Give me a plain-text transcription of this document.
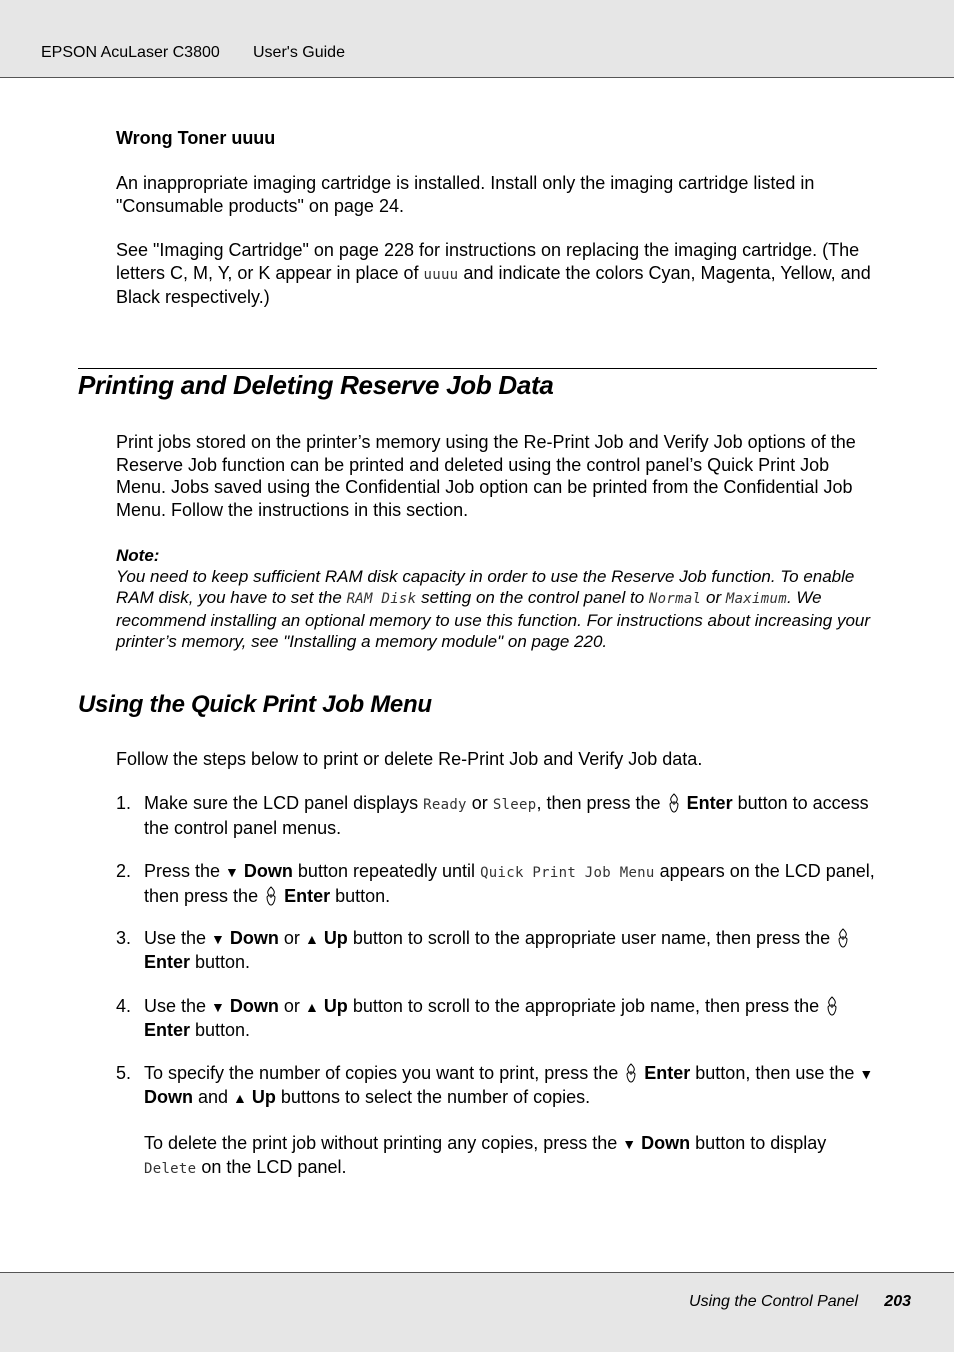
EPSON AcuLaser C3800 User's Guide

Wrong Toner uuuu

An inappropriate imaging cartridge is installed. Install only the imaging cartridge listed in "Consumable products" on page 24.

See "Imaging Cartridge" on page 228 for instructions on replacing the imaging cartridge. (The letters C, M, Y, or K appear in place of uuuu and indicate the colors Cyan, Magenta, Yellow, and Black respectively.)

Printing and Deleting Reserve Job Data

Print jobs stored on the printer’s memory using the Re-Print Job and Verify Job options of the Reserve Job function can be printed and deleted using the control panel’s Quick Print Job Menu. Jobs saved using the Confidential Job option can be printed from the Confidential Job Menu. Follow the instructions in this section.

Note:
You need to keep sufficient RAM disk capacity in order to use the Reserve Job function. To enable RAM disk, you have to set the RAM Disk setting on the control panel to Normal or Maximum. We recommend installing an optional memory to use this function. For instructions about increasing your printer’s memory, see "Installing a memory module" on page 220.
Using the Quick Print Job Menu

Follow the steps below to print or delete Re-Print Job and Verify Job data.

1. Make sure the LCD panel displays Ready or Sleep, then press the  Enter button to access the control panel menus.
2. Press the ▼ Down button repeatedly until Quick Print Job Menu appears on the LCD panel, then press the  Enter button.
3. Use the ▼ Down or ▲ Up button to scroll to the appropriate user name, then press the  Enter button.
4. Use the ▼ Down or ▲ Up button to scroll to the appropriate job name, then press the  Enter button.
5. To specify the number of copies you want to print, press the  Enter button, then use the ▼ Down and ▲ Up buttons to select the number of copies.
To delete the print job without printing any copies, press the ▼ Down button to display Delete on the LCD panel.
Using the Control Panel 203
